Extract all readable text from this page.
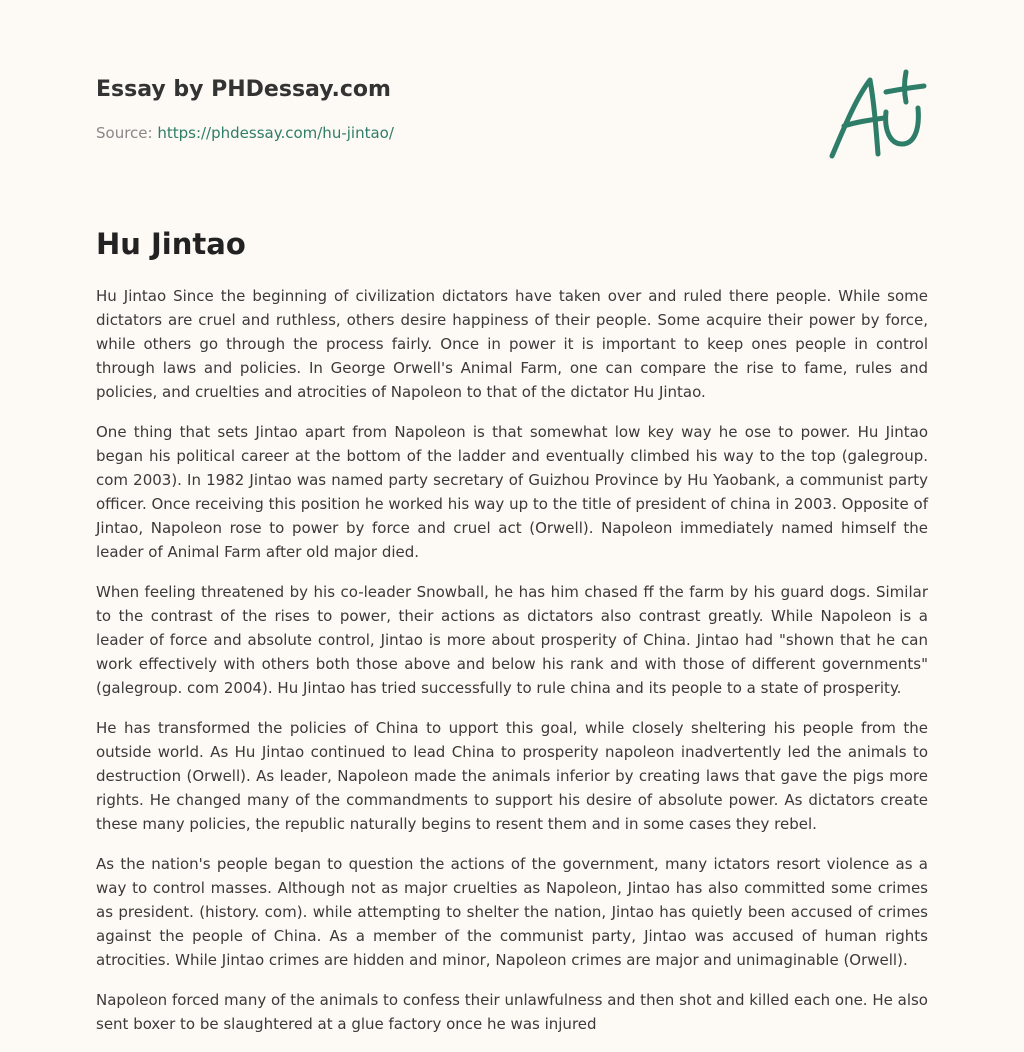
Essay by PHDessay.com
Source: https://phdessay.com/hu-jintao/
Hu Jintao

Hu Jintao Since the beginning of civilization dictators have taken over and ruled there people. While some dictators are cruel and ruthless, others desire happiness of their people. Some acquire their power by force, while others go through the process fairly. Once in power it is important to keep ones people in control through laws and policies. In George Orwell's Animal Farm, one can compare the rise to fame, rules and policies, and cruelties and atrocities of Napoleon to that of the dictator Hu Jintao.

One thing that sets Jintao apart from Napoleon is that somewhat low key way he ose to power. Hu Jintao began his political career at the bottom of the ladder and eventually climbed his way to the top (galegroup. com 2003). In 1982 Jintao was named party secretary of Guizhou Province by Hu Yaobank, a communist party officer. Once receiving this position he worked his way up to the title of president of china in 2003. Opposite of Jintao, Napoleon rose to power by force and cruel act (Orwell). Napoleon immediately named himself the leader of Animal Farm after old major died.

When feeling threatened by his co-leader Snowball, he has him chased ff the farm by his guard dogs. Similar to the contrast of the rises to power, their actions as dictators also contrast greatly. While Napoleon is a leader of force and absolute control, Jintao is more about prosperity of China. Jintao had "shown that he can work effectively with others both those above and below his rank and with those of different governments" (galegroup. com 2004). Hu Jintao has tried successfully to rule china and its people to a state of prosperity.

He has transformed the policies of China to upport this goal, while closely sheltering his people from the outside world. As Hu Jintao continued to lead China to prosperity napoleon inadvertently led the animals to destruction (Orwell). As leader, Napoleon made the animals inferior by creating laws that gave the pigs more rights. He changed many of the commandments to support his desire of absolute power. As dictators create these many policies, the republic naturally begins to resent them and in some cases they rebel.

As the nation's people began to question the actions of the government, many ictators resort violence as a way to control masses. Although not as major cruelties as Napoleon, Jintao has also committed some crimes as president. (history. com). while attempting to shelter the nation, Jintao has quietly been accused of crimes against the people of China. As a member of the communist party, Jintao was accused of human rights atrocities. While Jintao crimes are hidden and minor, Napoleon crimes are major and unimaginable (Orwell).

Napoleon forced many of the animals to confess their unlawfulness and then shot and killed each one. He also sent boxer to be slaughtered at a glue factory once he was injured
